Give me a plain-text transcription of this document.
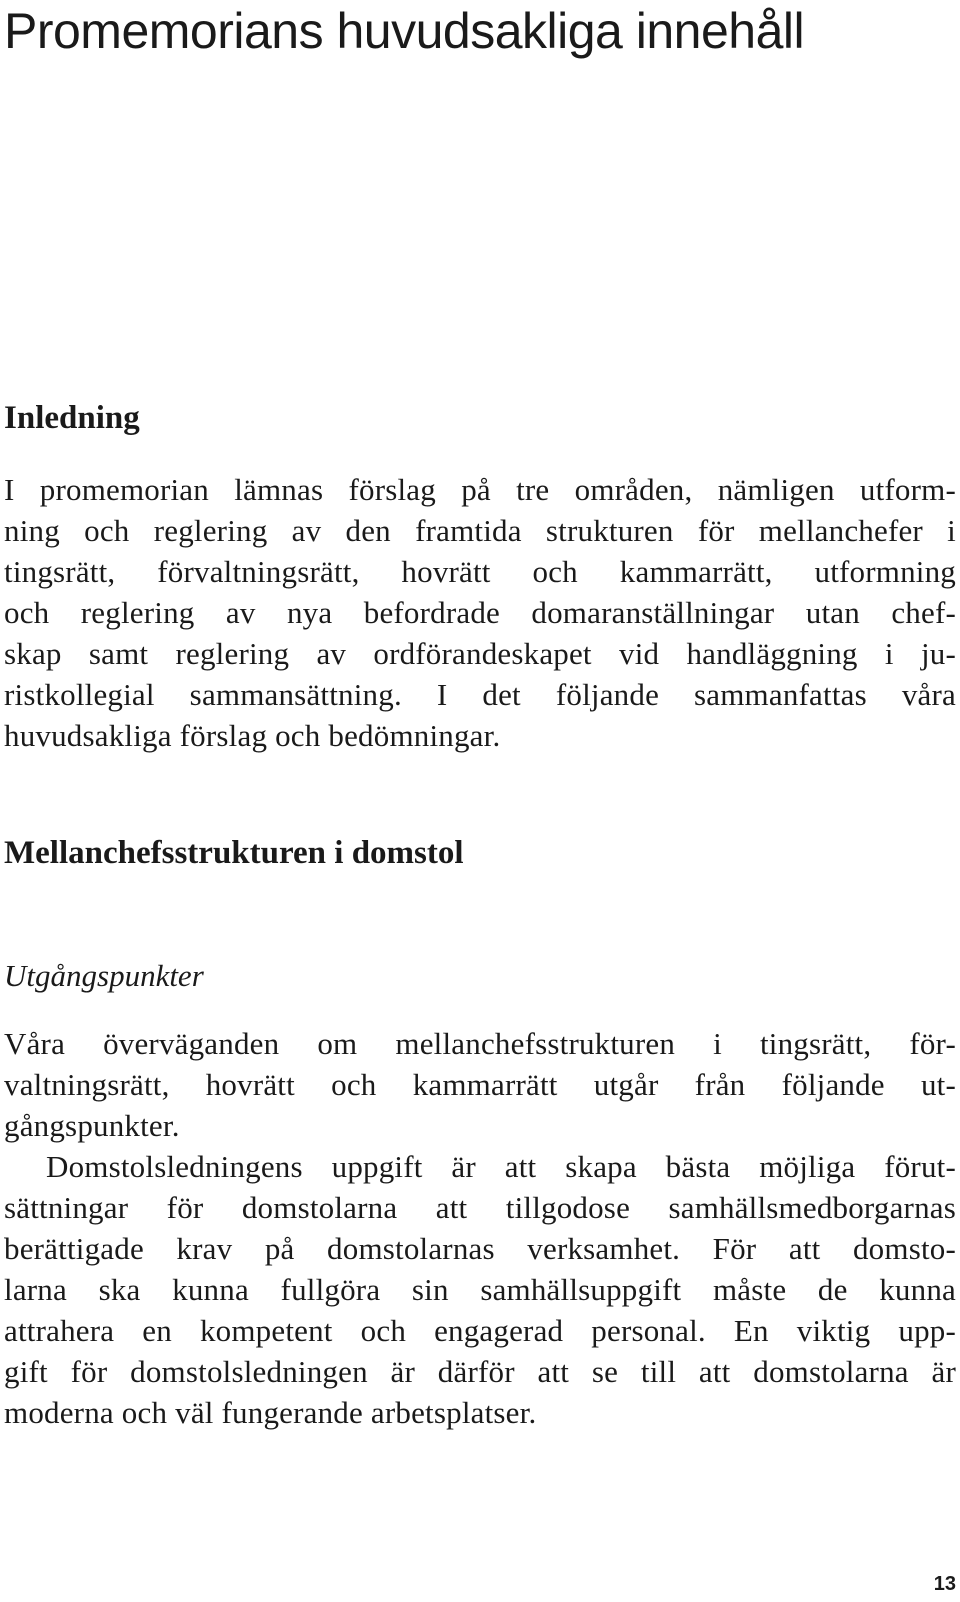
Promemorians huvudsakliga innehåll
Inledning
I promemorian lämnas förslag på tre områden, nämligen utform-
ning och reglering av den framtida strukturen för mellanchefer i
tingsrätt, förvaltningsrätt, hovrätt och kammarrätt, utformning
och reglering av nya befordrade domaranställningar utan chef-
skap samt reglering av ordförandeskapet vid handläggning i ju-
ristkollegial sammansättning. I det följande sammanfattas våra
huvudsakliga förslag och bedömningar.
Mellanchefsstrukturen i domstol
Utgångspunkter
Våra överväganden om mellanchefsstrukturen i tingsrätt, för-
valtningsrätt, hovrätt och kammarrätt utgår från följande ut-
gångspunkter.
Domstolsledningens uppgift är att skapa bästa möjliga förut-
sättningar för domstolarna att tillgodose samhällsmedborgarnas
berättigade krav på domstolarnas verksamhet. För att domsto-
larna ska kunna fullgöra sin samhällsuppgift måste de kunna
attrahera en kompetent och engagerad personal. En viktig upp-
gift för domstolsledningen är därför att se till att domstolarna är
moderna och väl fungerande arbetsplatser.
13
